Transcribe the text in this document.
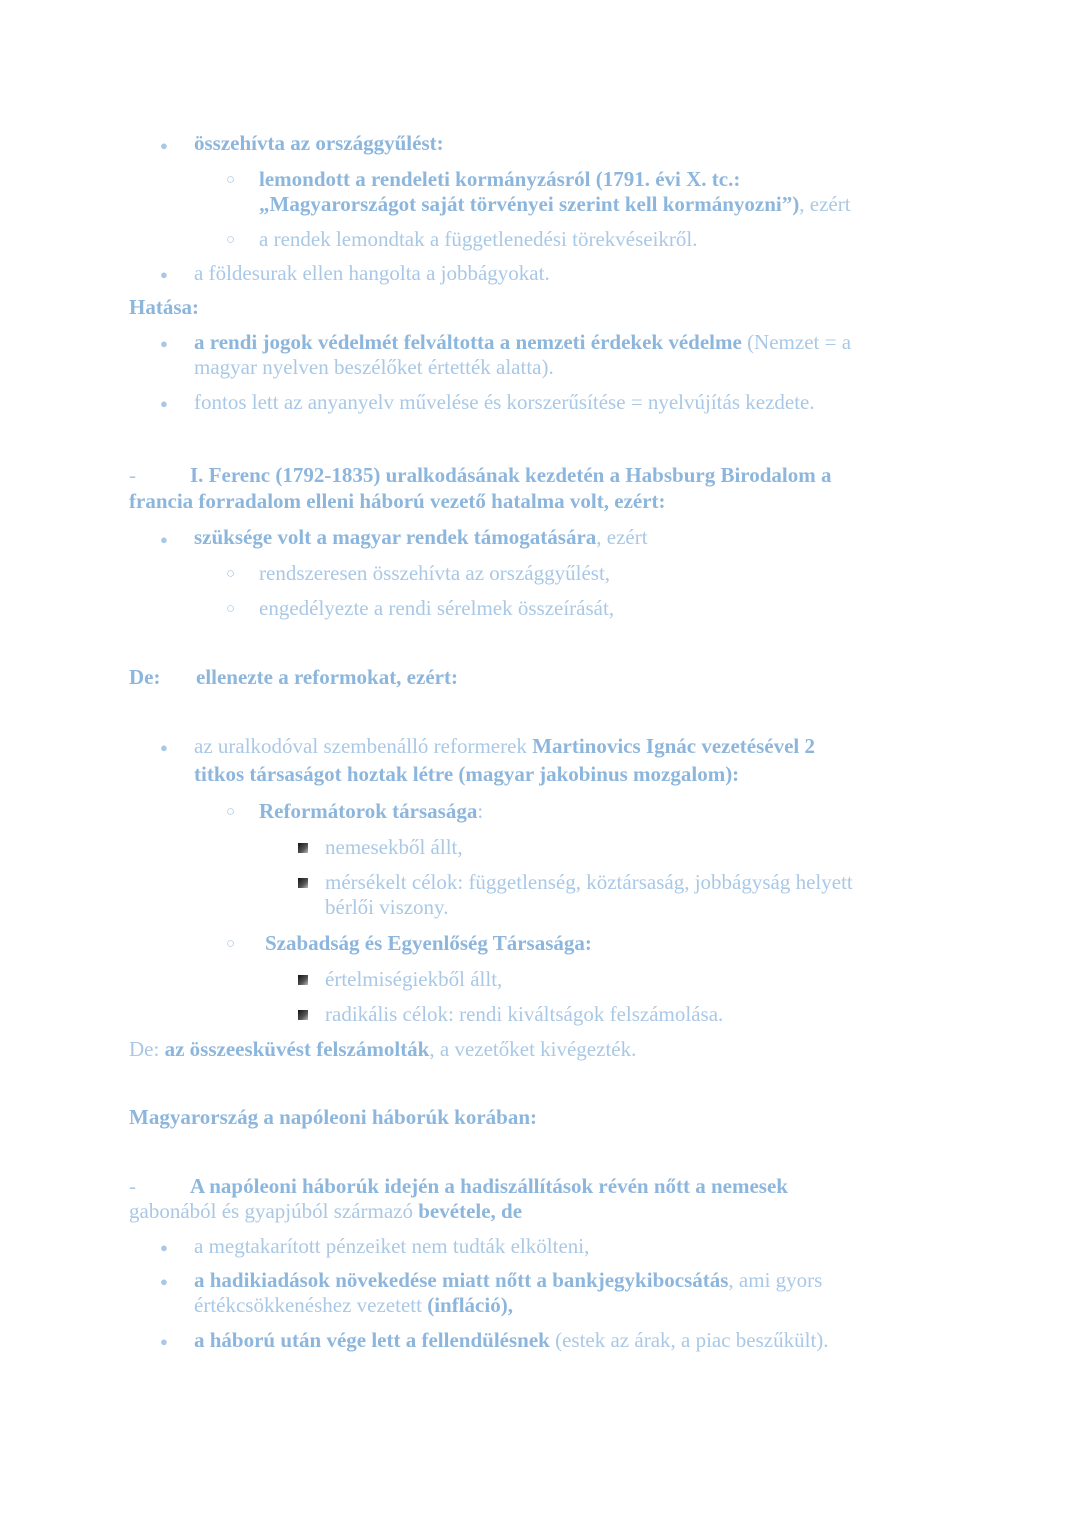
● összehívta az országgyűlést:
○ lemondott a rendeleti kormányzásról (1791. évi X. tc.:
„Magyarországot saját törvényei szerint kell kormányozni”), ezért
○ a rendek lemondtak a függetlenedési törekvéseikről.
● a földesurak ellen hangolta a jobbágyokat.
Hatása:
● a rendi jogok védelmét felváltotta a nemzeti érdekek védelme (Nemzet = a
magyar nyelven beszélőket értették alatta).
● fontos lett az anyanyelv művelése és korszerűsítése = nyelvújítás kezdete.
-	I. Ferenc (1792-1835) uralkodásának kezdetén a Habsburg Birodalom a
francia forradalom elleni háború vezető hatalma volt, ezért:
● szüksége volt a magyar rendek támogatására, ezért
○ rendszeresen összehívta az országgyűlést,
○ engedélyezte a rendi sérelmek összeírását,
De:	ellenezte a reformokat, ezért:
● az uralkodóval szembenálló reformerek Martinovics Ignác vezetésével 2
titkos társaságot hoztak létre (magyar jakobinus mozgalom):
○ Reformátorok társasága:
nemesekből állt,
mérsékelt célok: függetlenség, köztársaság, jobbágyság helyett
bérlői viszony.
○ Szabadság és Egyenlőség Társasága:
értelmiségiekből állt,
radikális célok: rendi kiváltságok felszámolása.
De: az összeesküvést felszámolták, a vezetőket kivégezték.
Magyarország a napóleoni háborúk korában:
-	A napóleoni háborúk idején a hadiszállítások révén nőtt a nemesek
gabonából és gyapjúból származó bevétele, de
● a megtakarított pénzeiket nem tudták elkölteni,
● a hadikiadások növekedése miatt nőtt a bankjegykibocsátás, ami gyors
értékcsökkenéshez vezetett (infláció),
● a háború után vége lett a fellendülésnek (estek az árak, a piac beszűkült).
